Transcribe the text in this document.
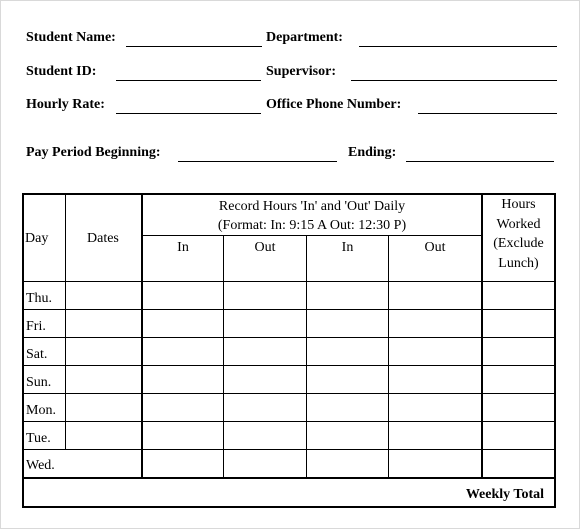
Student Name:	Department:
Student ID:	Supervisor:
Hourly Rate:	Office Phone Number:
Pay Period Beginning:	Ending:
Day	Dates
Record Hours 'In' and 'Out' Daily
(Format: In: 9:15 A Out: 12:30 P)
In	Out	In	Out
Hours
Worked
(Exclude
Lunch)
Thu.
Fri.
Sat.
Sun.
Mon.
Tue.
Wed.
Weekly Total
